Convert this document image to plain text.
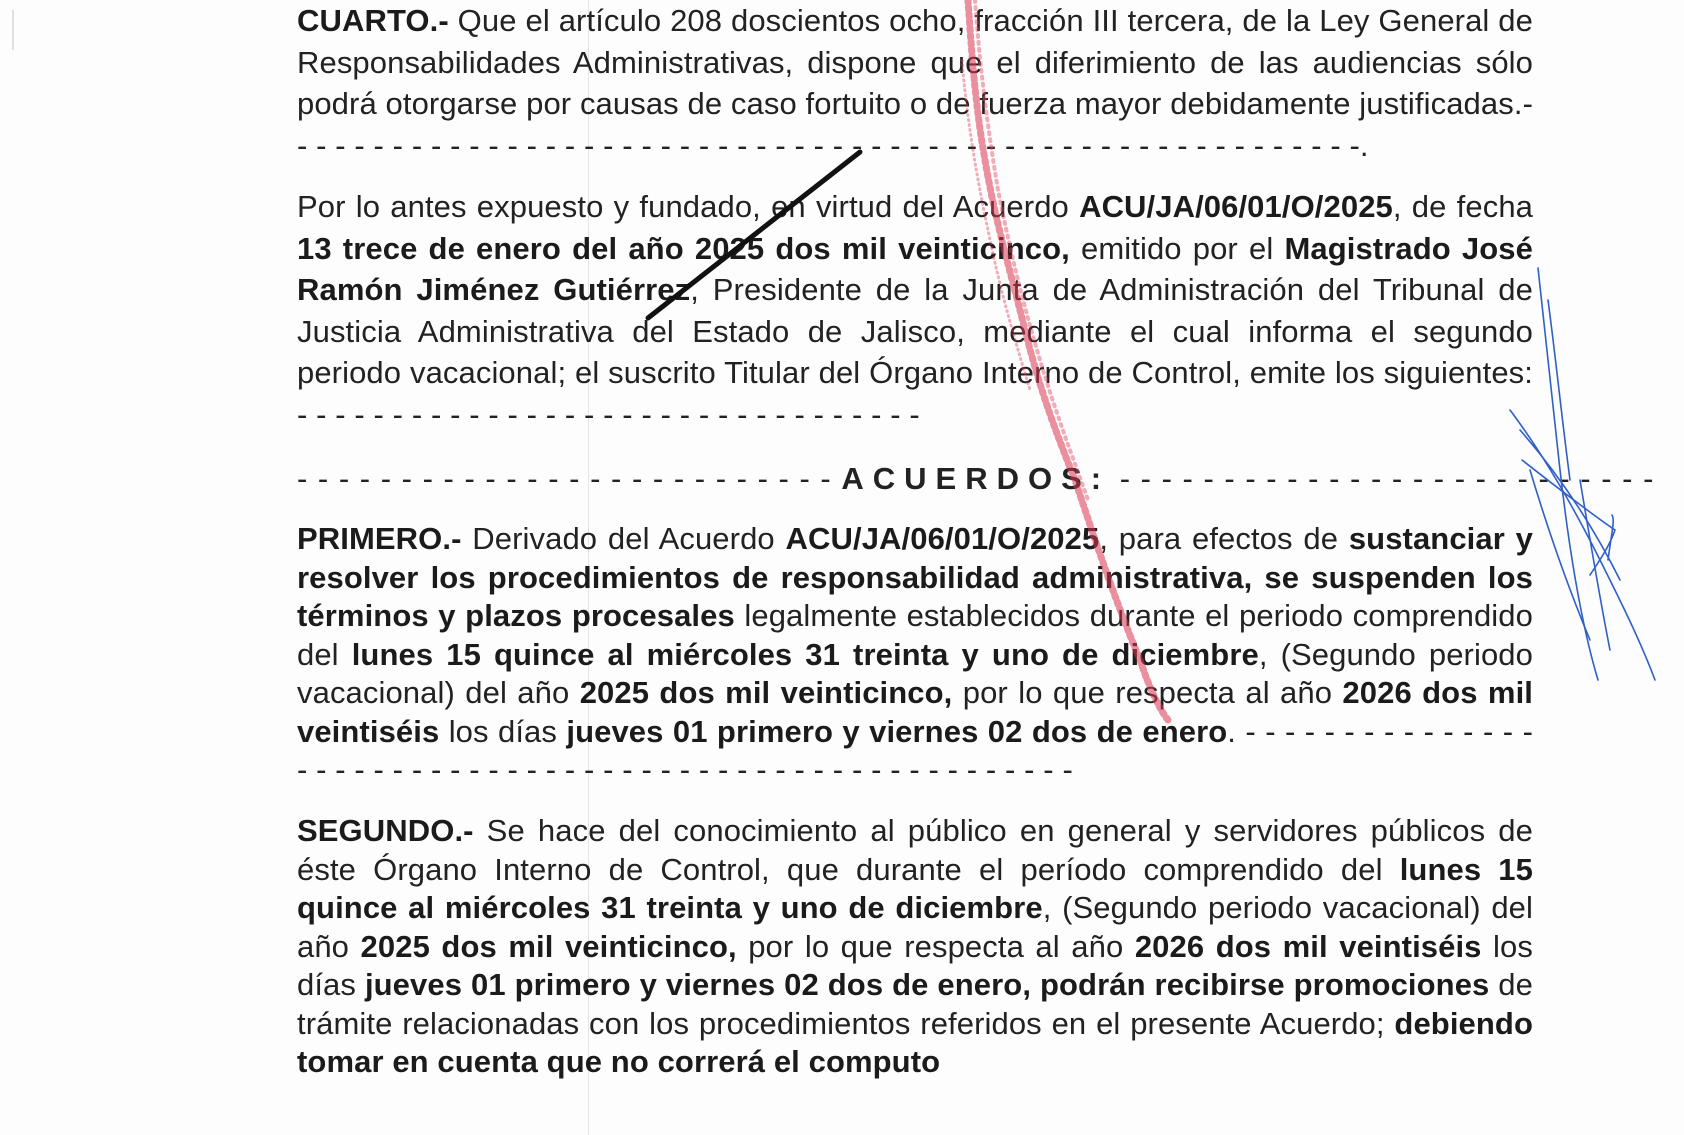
CUARTO.- Que el artículo 208 doscientos ocho, fracción III tercera, de la Ley General de Responsabilidades Administrativas, dispone que el diferimiento de las audiencias sólo podrá otorgarse por causas de caso fortuito o de fuerza mayor debidamente justificadas.- - - - - - - - - - - - - - - - - - - - - - - - - - - - - - - - - - - - - - - - - - - - - - - - - - - - - - - - -.
Por lo antes expuesto y fundado, en virtud del Acuerdo ACU/JA/06/01/O/2025, de fecha 13 trece de enero del año 2025 dos mil veinticinco, emitido por el Magistrado José Ramón Jiménez Gutiérrez, Presidente de la Junta de Administración del Tribunal de Justicia Administrativa del Estado de Jalisco, mediante el cual informa el segundo periodo vacacional; el suscrito Titular del Órgano Interno de Control, emite los siguientes: - - - - - - - - - - - - - - - - - - - - - - - - - - - - - - - - -
- - - - - - - - - - - - - - - - - - - - - - - - - - ACUERDOS: - - - - - - - - - - - - - - - - - - - - - - - - - -
PRIMERO.- Derivado del Acuerdo ACU/JA/06/01/O/2025, para efectos de sustanciar y resolver los procedimientos de responsabilidad administrativa, se suspenden los términos y plazos procesales legalmente establecidos durante el periodo comprendido del lunes 15 quince al miércoles 31 treinta y uno de diciembre, (Segundo periodo vacacional) del año 2025 dos mil veinticinco, por lo que respecta al año 2026 dos mil veintiséis los días jueves 01 primero y viernes 02 dos de enero. - - - - - - - - - - - - - - - - - - - - - - - - - - - - - - - - - - - - - - - - - - - - - - - - - - - - - - - -
SEGUNDO.- Se hace del conocimiento al público en general y servidores públicos de éste Órgano Interno de Control, que durante el período comprendido del lunes 15 quince al miércoles 31 treinta y uno de diciembre, (Segundo periodo vacacional) del año 2025 dos mil veinticinco, por lo que respecta al año 2026 dos mil veintiséis los días jueves 01 primero y viernes 02 dos de enero, podrán recibirse promociones de trámite relacionadas con los procedimientos referidos en el presente Acuerdo; debiendo tomar en cuenta que no correrá el computo
